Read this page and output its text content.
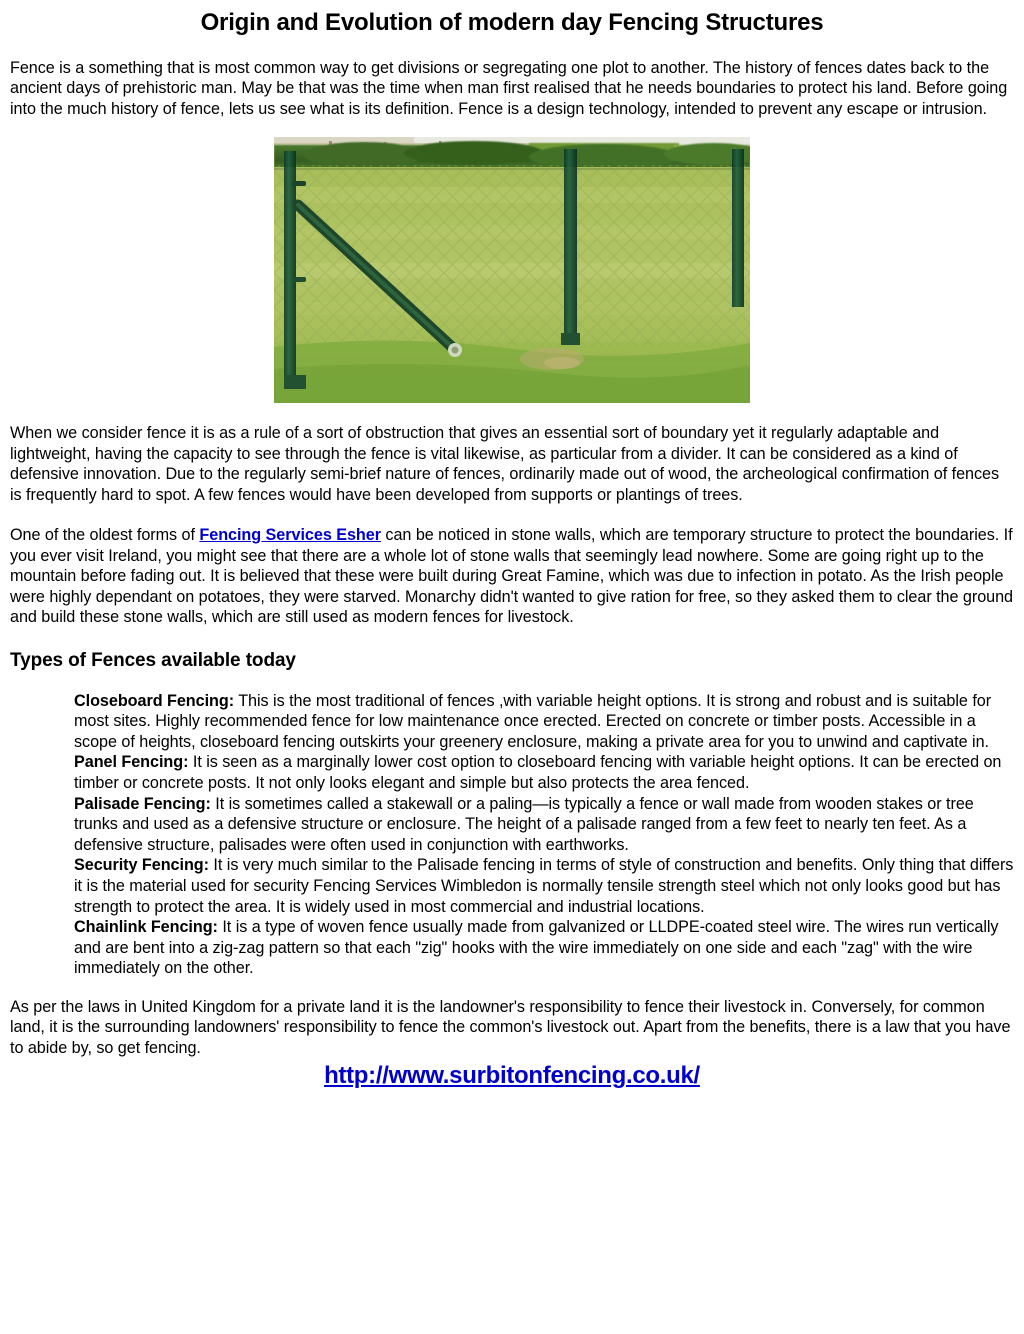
Origin and Evolution of modern day Fencing Structures

Fence is a something that is most common way to get divisions or segregating one plot to another. The history of fences dates back to the ancient days of prehistoric man. May be that was the time when man first realised that he needs boundaries to protect his land. Before going into the much history of fence, lets us see what is its definition. Fence is a design technology, intended to prevent any escape or intrusion.

When we consider fence it is as a rule of a sort of obstruction that gives an essential sort of boundary yet it regularly adaptable and lightweight, having the capacity to see through the fence is vital likewise, as particular from a divider. It can be considered as a kind of defensive innovation. Due to the regularly semi-brief nature of fences, ordinarily made out of wood, the archeological confirmation of fences is frequently hard to spot. A few fences would have been developed from supports or plantings of trees.

One of the oldest forms of Fencing Services Esher can be noticed in stone walls, which are temporary structure to protect the boundaries. If you ever visit Ireland, you might see that there are a whole lot of stone walls that seemingly lead nowhere. Some are going right up to the mountain before fading out. It is believed that these were built during Great Famine, which was due to infection in potato. As the Irish people were highly dependant on potatoes, they were starved. Monarchy didn't wanted to give ration for free, so they asked them to clear the ground and build these stone walls, which are still used as modern fences for livestock.

Types of Fences available today

Closeboard Fencing: This is the most traditional of fences ,with variable height options. It is strong and robust and is suitable for most sites. Highly recommended fence for low maintenance once erected. Erected on concrete or timber posts. Accessible in a scope of heights, closeboard fencing outskirts your greenery enclosure, making a private area for you to unwind and captivate in.

Panel Fencing: It is seen as a marginally lower cost option to closeboard fencing with variable height options. It can be erected on timber or concrete posts. It not only looks elegant and simple but also protects the area fenced.

Palisade Fencing: It is sometimes called a stakewall or a paling—is typically a fence or wall made from wooden stakes or tree trunks and used as a defensive structure or enclosure. The height of a palisade ranged from a few feet to nearly ten feet. As a defensive structure, palisades were often used in conjunction with earthworks.

Security Fencing: It is very much similar to the Palisade fencing in terms of style of construction and benefits. Only thing that differs it is the material used for security Fencing Services Wimbledon is normally tensile strength steel which not only looks good but has strength to protect the area. It is widely used in most commercial and industrial locations.

Chainlink Fencing: It is a type of woven fence usually made from galvanized or LLDPE-coated steel wire. The wires run vertically and are bent into a zig-zag pattern so that each "zig" hooks with the wire immediately on one side and each "zag" with the wire immediately on the other.

As per the laws in United Kingdom for a private land it is the landowner's responsibility to fence their livestock in. Conversely, for common land, it is the surrounding landowners' responsibility to fence the common's livestock out. Apart from the benefits, there is a law that you have to abide by, so get fencing.

http://www.surbitonfencing.co.uk/
